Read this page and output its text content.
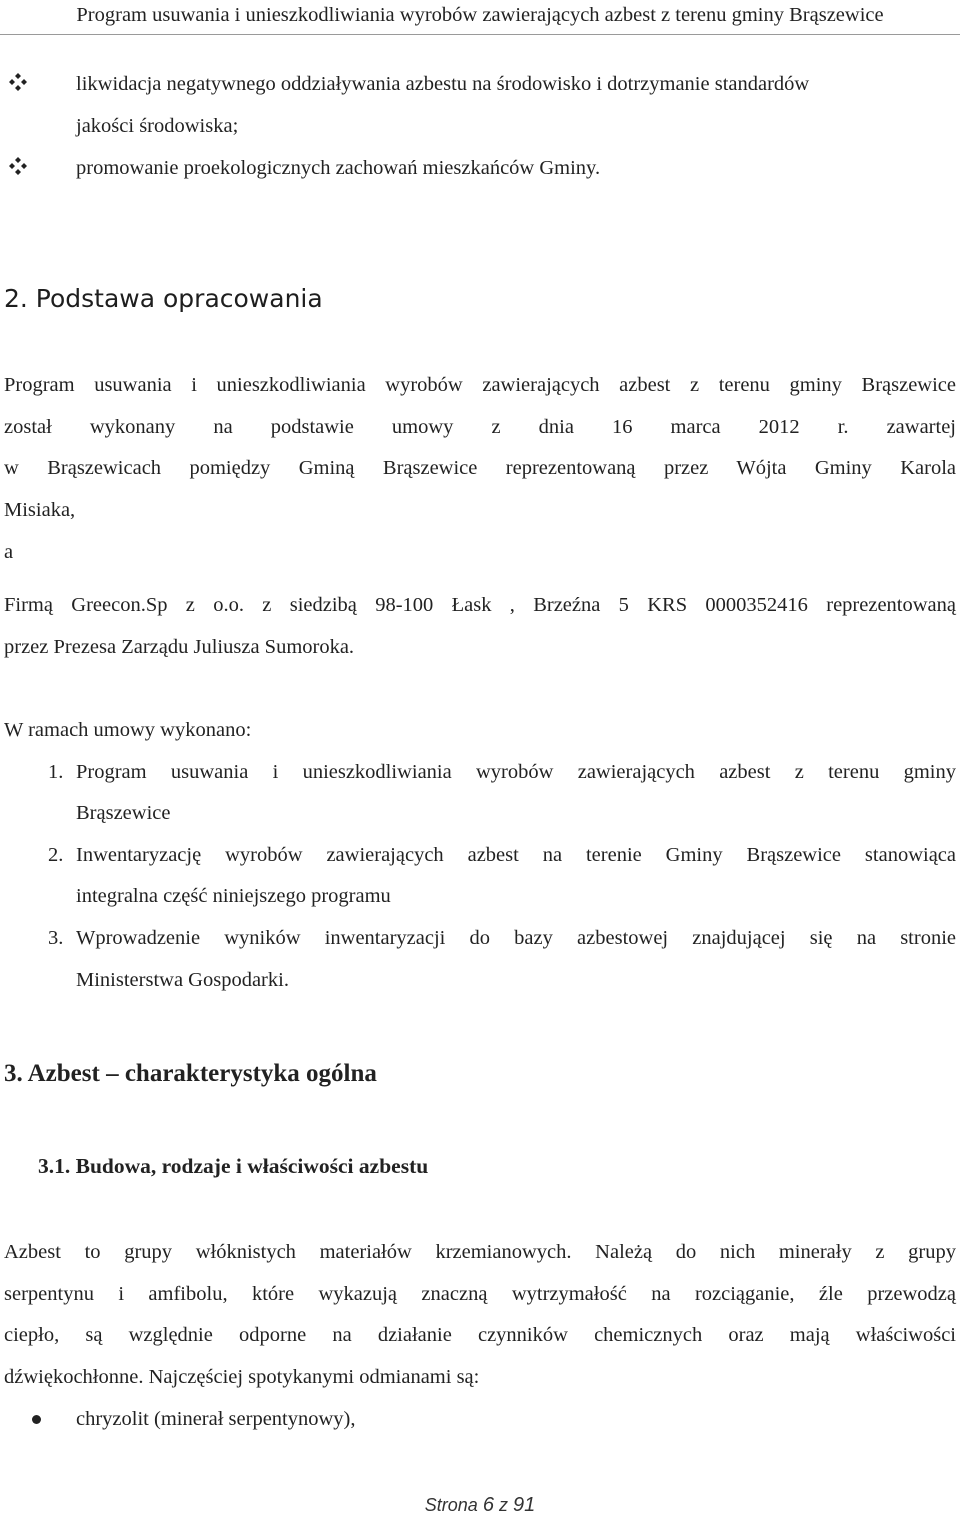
Program usuwania i unieszkodliwiania wyrobów zawierających azbest z terenu gminy Brąszewice
likwidacja negatywnego oddziaływania azbestu na środowisko i dotrzymanie standardów
jakości środowiska;
promowanie proekologicznych zachowań mieszkańców Gminy.
2. Podstawa opracowania
Program usuwania i unieszkodliwiania wyrobów zawierających azbest z terenu gminy Brąszewice
został wykonany na podstawie umowy z dnia 16 marca 2012 r. zawartej
w Brąszewicach pomiędzy Gminą Brąszewice reprezentowaną przez Wójta Gminy Karola
Misiaka,
a
Firmą Greecon.Sp z o.o. z siedzibą 98-100 Łask , Brzeźna 5 KRS 0000352416 reprezentowaną
przez Prezesa Zarządu Juliusza Sumoroka.
W ramach umowy wykonano:
1. Program usuwania i unieszkodliwiania wyrobów zawierających azbest z terenu gminy
Brąszewice
2. Inwentaryzację wyrobów zawierających azbest na terenie Gminy Brąszewice stanowiąca
integralna część niniejszego programu
3. Wprowadzenie wyników inwentaryzacji do bazy azbestowej znajdującej się na stronie
Ministerstwa Gospodarki.
3. Azbest – charakterystyka ogólna
3.1. Budowa, rodzaje i właściwości azbestu
Azbest to grupy włóknistych materiałów krzemianowych. Należą do nich minerały z grupy
serpentynu i amfibolu, które wykazują znaczną wytrzymałość na rozciąganie, źle przewodzą
ciepło, są względnie odporne na działanie czynników chemicznych oraz mają właściwości
dźwiękochłonne. Najczęściej spotykanymi odmianami są:
chryzolit (minerał serpentynowy),
Strona 6 z 91
